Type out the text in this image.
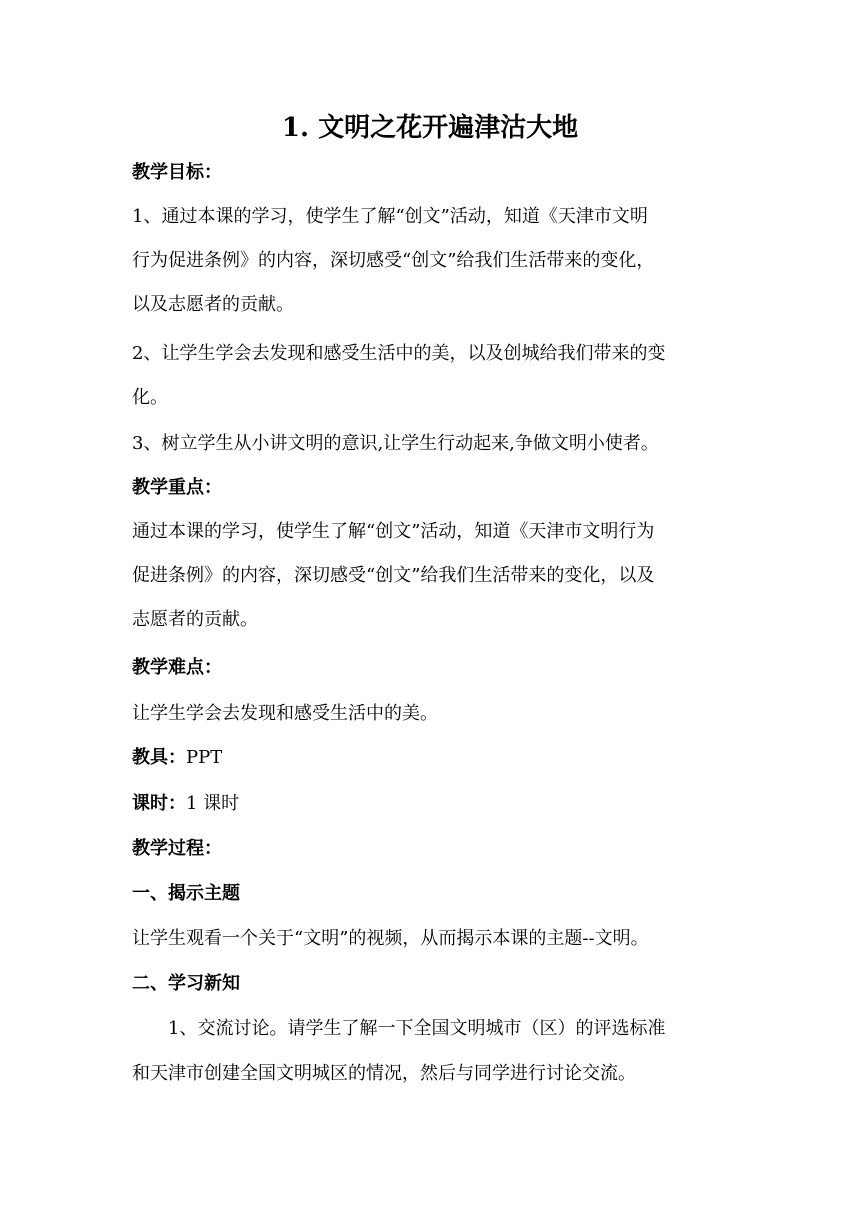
1. 文明之花开遍津沽大地
教学目标：
1、通过本课的学习，使学生了解“创文”活动，知道《天津市文明
行为促进条例》的内容，深切感受“创文”给我们生活带来的变化，
以及志愿者的贡献。
2、让学生学会去发现和感受生活中的美，以及创城给我们带来的变
化。
3、树立学生从小讲文明的意识,让学生行动起来,争做文明小使者。
教学重点：
通过本课的学习，使学生了解“创文”活动，知道《天津市文明行为
促进条例》的内容，深切感受“创文”给我们生活带来的变化，以及
志愿者的贡献。
教学难点：
让学生学会去发现和感受生活中的美。
教具：PPT
课时：1 课时
教学过程：
一、揭示主题
让学生观看一个关于“文明”的视频，从而揭示本课的主题--文明。
二、学习新知
1、交流讨论。请学生了解一下全国文明城市（区）的评选标准
和天津市创建全国文明城区的情况，然后与同学进行讨论交流。
